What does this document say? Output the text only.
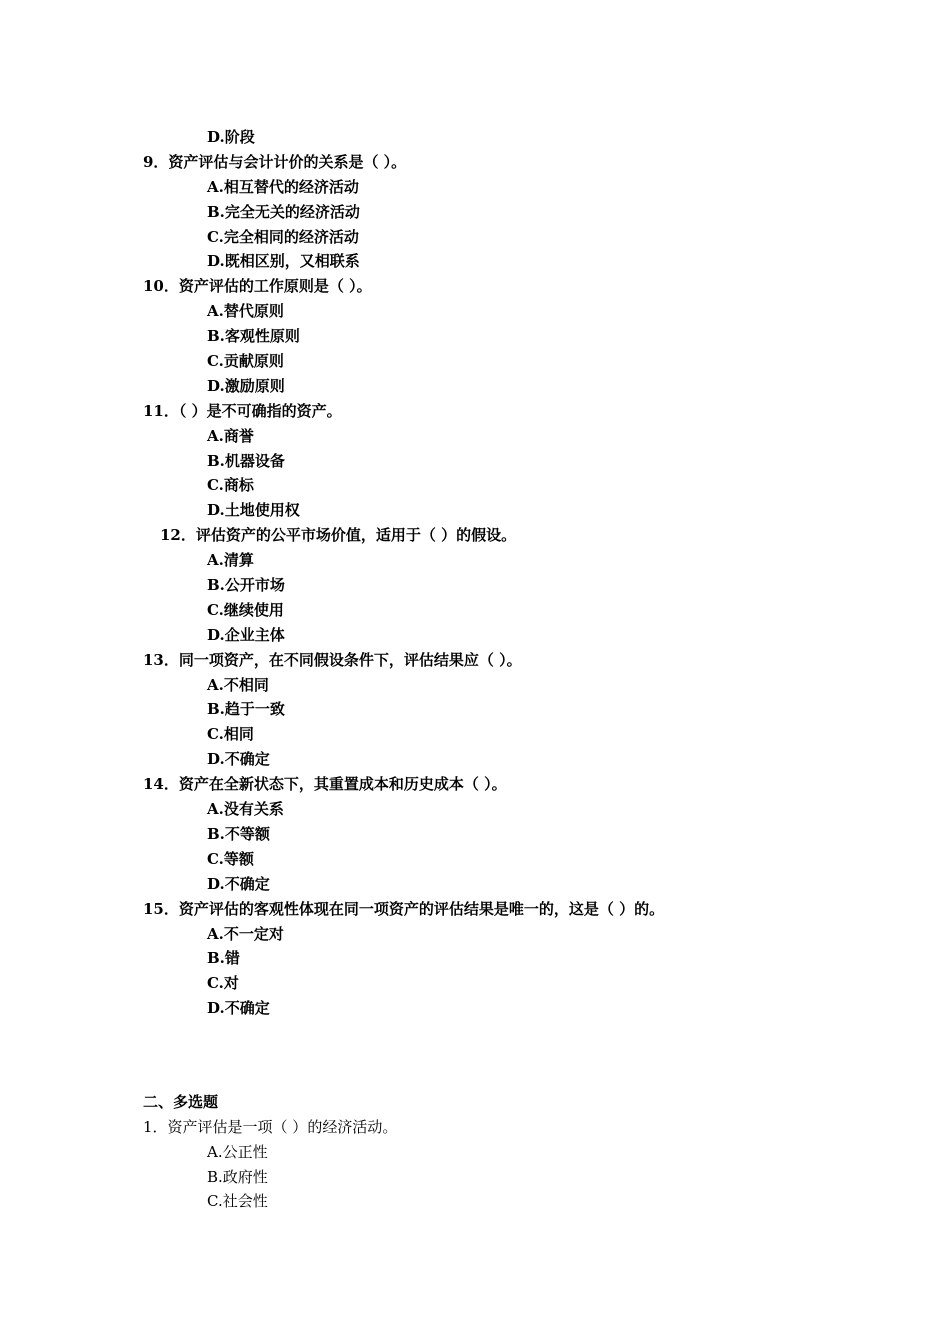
D.阶段
9．资产评估与会计计价的关系是（ ）。
A.相互替代的经济活动
B.完全无关的经济活动
C.完全相同的经济活动
D.既相区别，又相联系
10．资产评估的工作原则是（ ）。
A.替代原则
B.客观性原则
C.贡献原则
D.激励原则
11．（ ）是不可确指的资产。
A.商誉
B.机器设备
C.商标
D.土地使用权
12．评估资产的公平市场价值，适用于（ ）的假设。
A.清算
B.公开市场
C.继续使用
D.企业主体
13．同一项资产，在不同假设条件下，评估结果应（ ）。
A.不相同
B.趋于一致
C.相同
D.不确定
14．资产在全新状态下，其重置成本和历史成本（ ）。
A.没有关系
B.不等额
C.等额
D.不确定
15．资产评估的客观性体现在同一项资产的评估结果是唯一的，这是（ ）的。
A.不一定对
B.错
C.对
D.不确定
二、多选题
1．资产评估是一项（ ）的经济活动。
A.公正性
B.政府性
C.社会性
